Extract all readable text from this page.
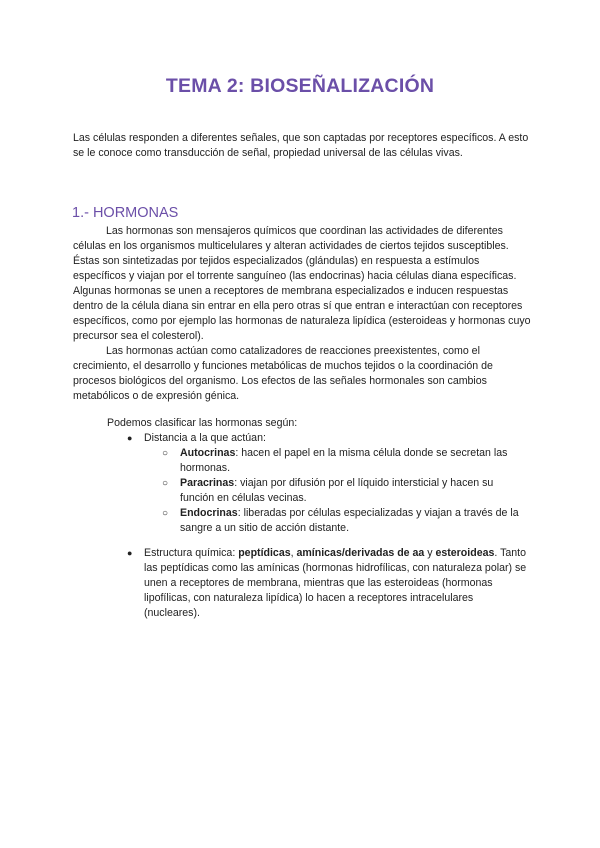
TEMA 2: BIOSEÑALIZACIÓN

Las células responden a diferentes señales, que son captadas por receptores específicos. A esto se le conoce como transducción de señal, propiedad universal de las células vivas.

1.- HORMONAS

Las hormonas son mensajeros químicos que coordinan las actividades de diferentes células en los organismos multicelulares y alteran actividades de ciertos tejidos susceptibles. Éstas son sintetizadas por tejidos especializados (glándulas) en respuesta a estímulos específicos y viajan por el torrente sanguíneo (las endocrinas) hacia células diana específicas. Algunas hormonas se unen a receptores de membrana especializados e inducen respuestas dentro de la célula diana sin entrar en ella pero otras sí que entran e interactúan con receptores específicos, como por ejemplo las hormonas de naturaleza lipídica (esteroideas y hormonas cuyo precursor sea el colesterol).

Las hormonas actúan como catalizadores de reacciones preexistentes, como el crecimiento, el desarrollo y funciones metabólicas de muchos tejidos o la coordinación de procesos biológicos del organismo. Los efectos de las señales hormonales son cambios metabólicos o de expresión génica.

Podemos clasificar las hormonas según:

●	Distancia a la que actúan:
○ Autocrinas: hacen el papel en la misma célula donde se secretan las hormonas.
○ Paracrinas: viajan por difusión por el líquido intersticial y hacen su función en células vecinas.
○ Endocrinas: liberadas por células especializadas y viajan a través de la sangre a un sitio de acción distante.
●	Estructura química: peptídicas, amínicas/derivadas de aa y esteroideas. Tanto las peptídicas como las amínicas (hormonas hidrofílicas, con naturaleza polar) se unen a receptores de membrana, mientras que las esteroideas (hormonas lipofílicas, con naturaleza lipídica) lo hacen a receptores intracelulares (nucleares).
